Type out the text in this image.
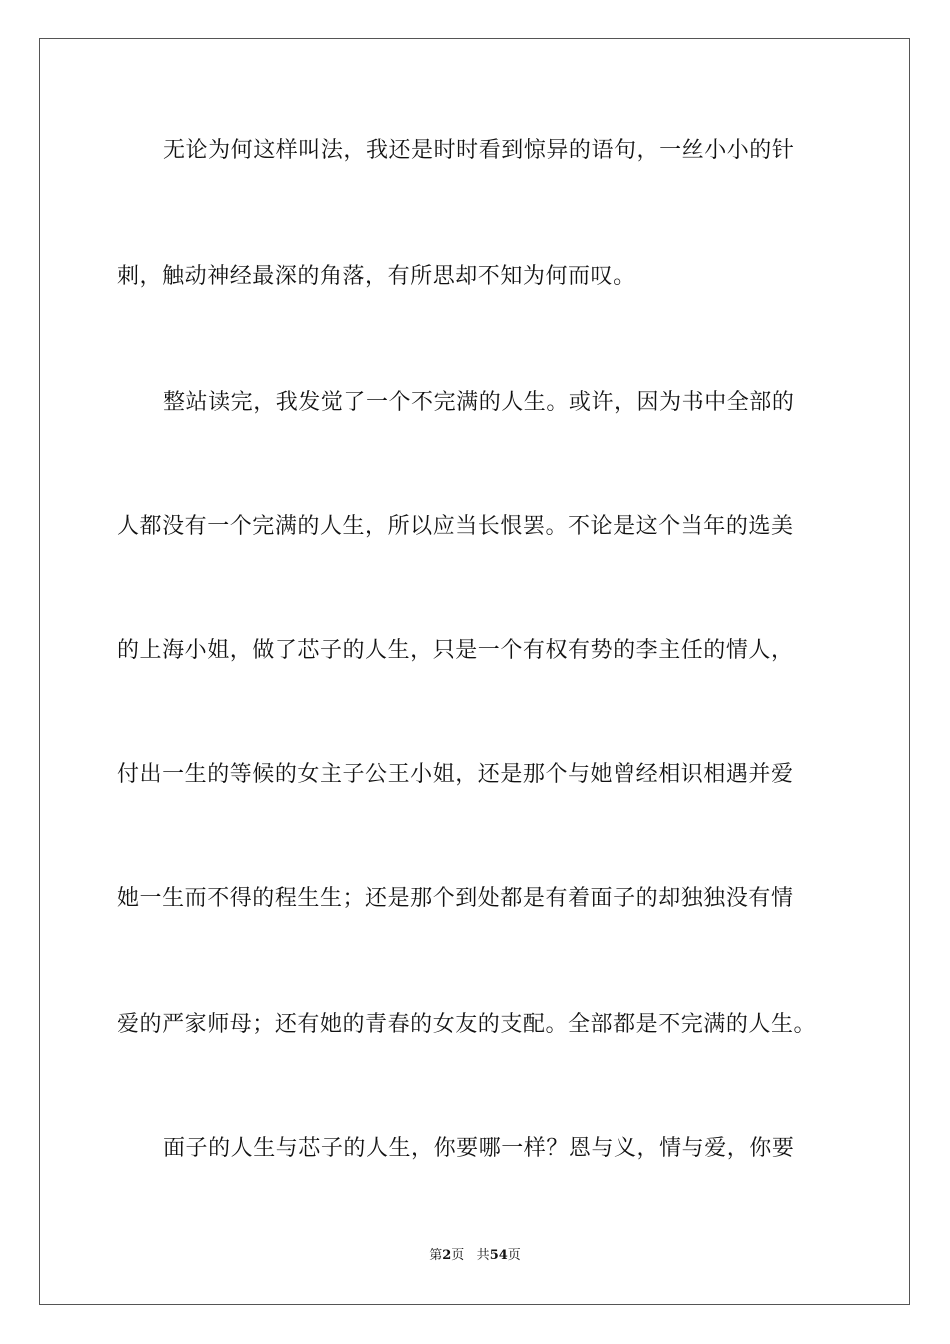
无论为何这样叫法，我还是时时看到惊异的语句，一丝小小的针
刺，触动神经最深的角落，有所思却不知为何而叹。
整站读完，我发觉了一个不完满的人生。或许，因为书中全部的
人都没有一个完满的人生，所以应当长恨罢。不论是这个当年的选美
的上海小姐，做了芯子的人生，只是一个有权有势的李主任的情人，
付出一生的等候的女主子公王小姐，还是那个与她曾经相识相遇并爱
她一生而不得的程生生；还是那个到处都是有着面子的却独独没有情
爱的严家师母；还有她的青春的女友的支配。全部都是不完满的人生。
面子的人生与芯子的人生，你要哪一样？恩与义，情与爱，你要
第2页 共54页
